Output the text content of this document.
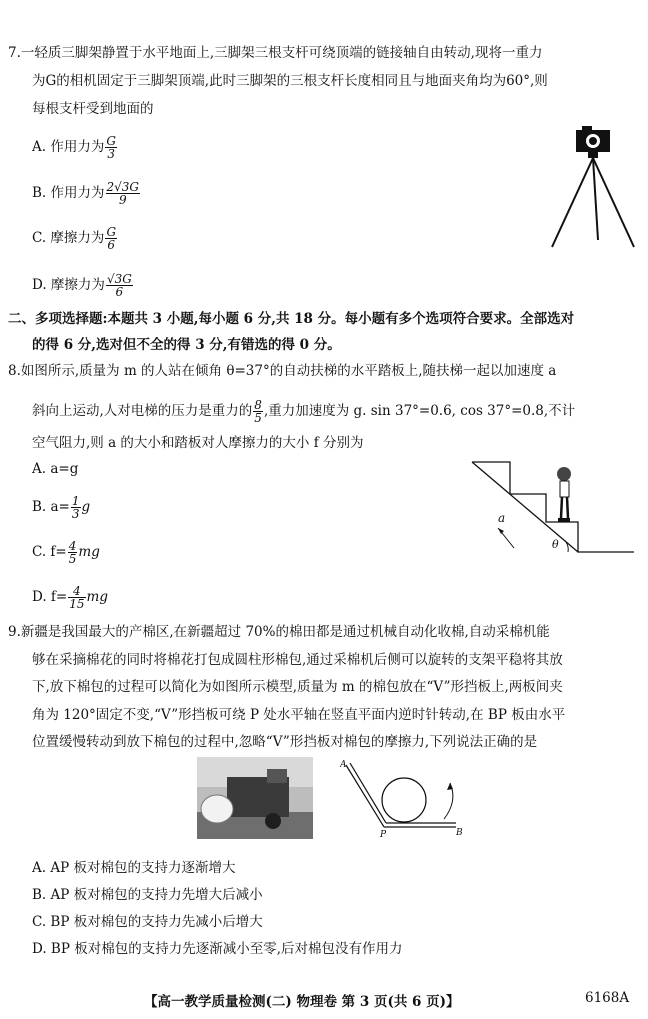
7.一轻质三脚架静置于水平地面上,三脚架三根支杆可绕顶端的链接轴自由转动,现将一重力
为G的相机固定于三脚架顶端,此时三脚架的三根支杆长度相同且与地面夹角均为60°,则
每根支杆受到地面的
A. 作用力为 $\frac{G}{3}$
B. 作用力为 $\frac{2√3G}{9}$
C. 摩擦力为 $\frac{G}{6}$
D. 摩擦力为 $\frac{√3G}{6}$
二、多项选择题:本题共 3 小题,每小题 6 分,共 18 分。每小题有多个选项符合要求。全部选对
的得 6 分,选对但不全的得 3 分,有错选的得 0 分。
8.如图所示,质量为 m 的人站在倾角 θ=37°的自动扶梯的水平踏板上,随扶梯一起以加速度 a
斜向上运动,人对电梯的压力是重力的 $\frac{8}{5}$ ,重力加速度为 g. sin 37°=0.6, cos 37°=0.8,不计
空气阻力,则 a 的大小和踏板对人摩擦力的大小 f 分别为
A. a=g
B. $a= \frac{1}{3}$ g
C. $f= \frac{4}{5}$ mg
D. $f= \frac{4}{15}$ mg
a
θ
9.新疆是我国最大的产棉区,在新疆超过 70%的棉田都是通过机械自动化收棉,自动采棉机能
够在采摘棉花的同时将棉花打包成圆柱形棉包,通过采棉机后侧可以旋转的支架平稳将其放
下,放下棉包的过程可以简化为如图所示模型,质量为 m 的棉包放在“V”形挡板上,两板间夹
角为 120°固定不变,“V”形挡板可绕 P 处水平轴在竖直平面内逆时针转动,在 BP 板由水平
位置缓慢转动到放下棉包的过程中,忽略“V”形挡板对棉包的摩擦力,下列说法正确的是
A
P	B
A. AP 板对棉包的支持力逐渐增大
B. AP 板对棉包的支持力先增大后减小
C. BP 板对棉包的支持力先减小后增大
D. BP 板对棉包的支持力先逐渐减小至零,后对棉包没有作用力
【高一教学质量检测(二) 物理卷 第 3 页(共 6 页)】	6168A
